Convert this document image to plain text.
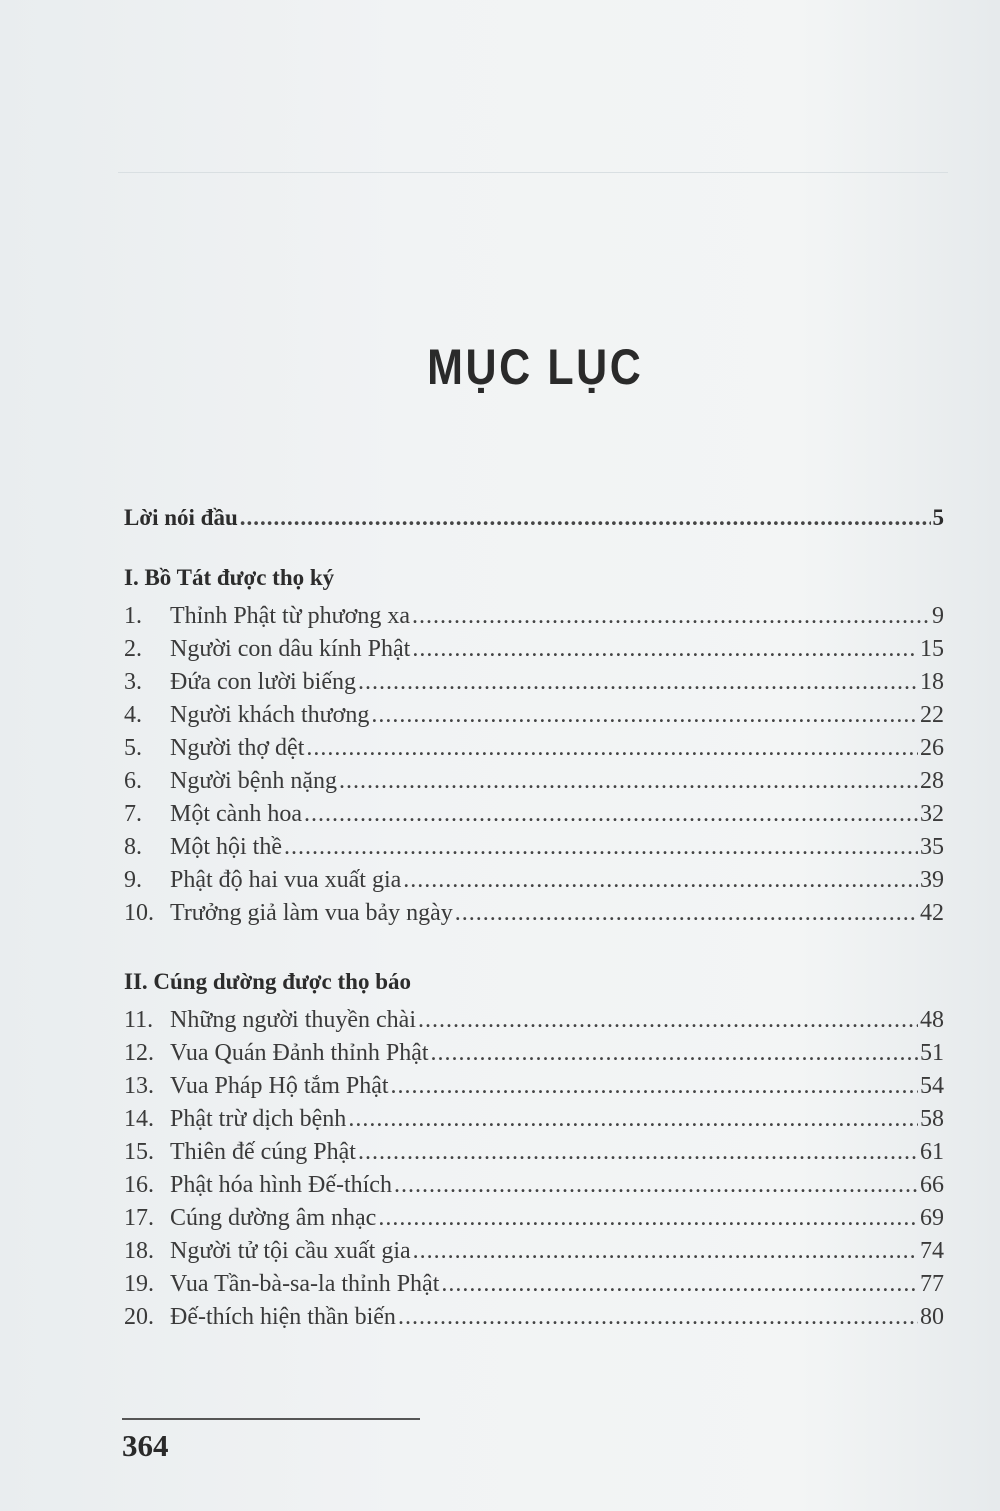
MỤC LỤC
Lời nói đầu .....	5
I. Bồ Tát được thọ ký
1.	Thỉnh Phật từ phương xa .....	9
2.	Người con dâu kính Phật .....	15
3.	Đứa con lười biếng .....	18
4.	Người khách thương .....	22
5.	Người thợ dệt .....	26
6.	Người bệnh nặng .....	28
7.	Một cành hoa .....	32
8.	Một hội thề .....	35
9.	Phật độ hai vua xuất gia .....	39
10. Trưởng giả làm vua bảy ngày .....	42
II. Cúng dường được thọ báo
11. Những người thuyền chài .....	48
12. Vua Quán Đảnh thỉnh Phật .....	51
13. Vua Pháp Hộ tắm Phật .....	54
14. Phật trừ dịch bệnh .....	58
15. Thiên đế cúng Phật .....	61
16. Phật hóa hình Đế-thích .....	66
17. Cúng dường âm nhạc .....	69
18. Người tử tội cầu xuất gia .....	74
19. Vua Tần-bà-sa-la thỉnh Phật .....	77
20. Đế-thích hiện thần biến .....	80
364
